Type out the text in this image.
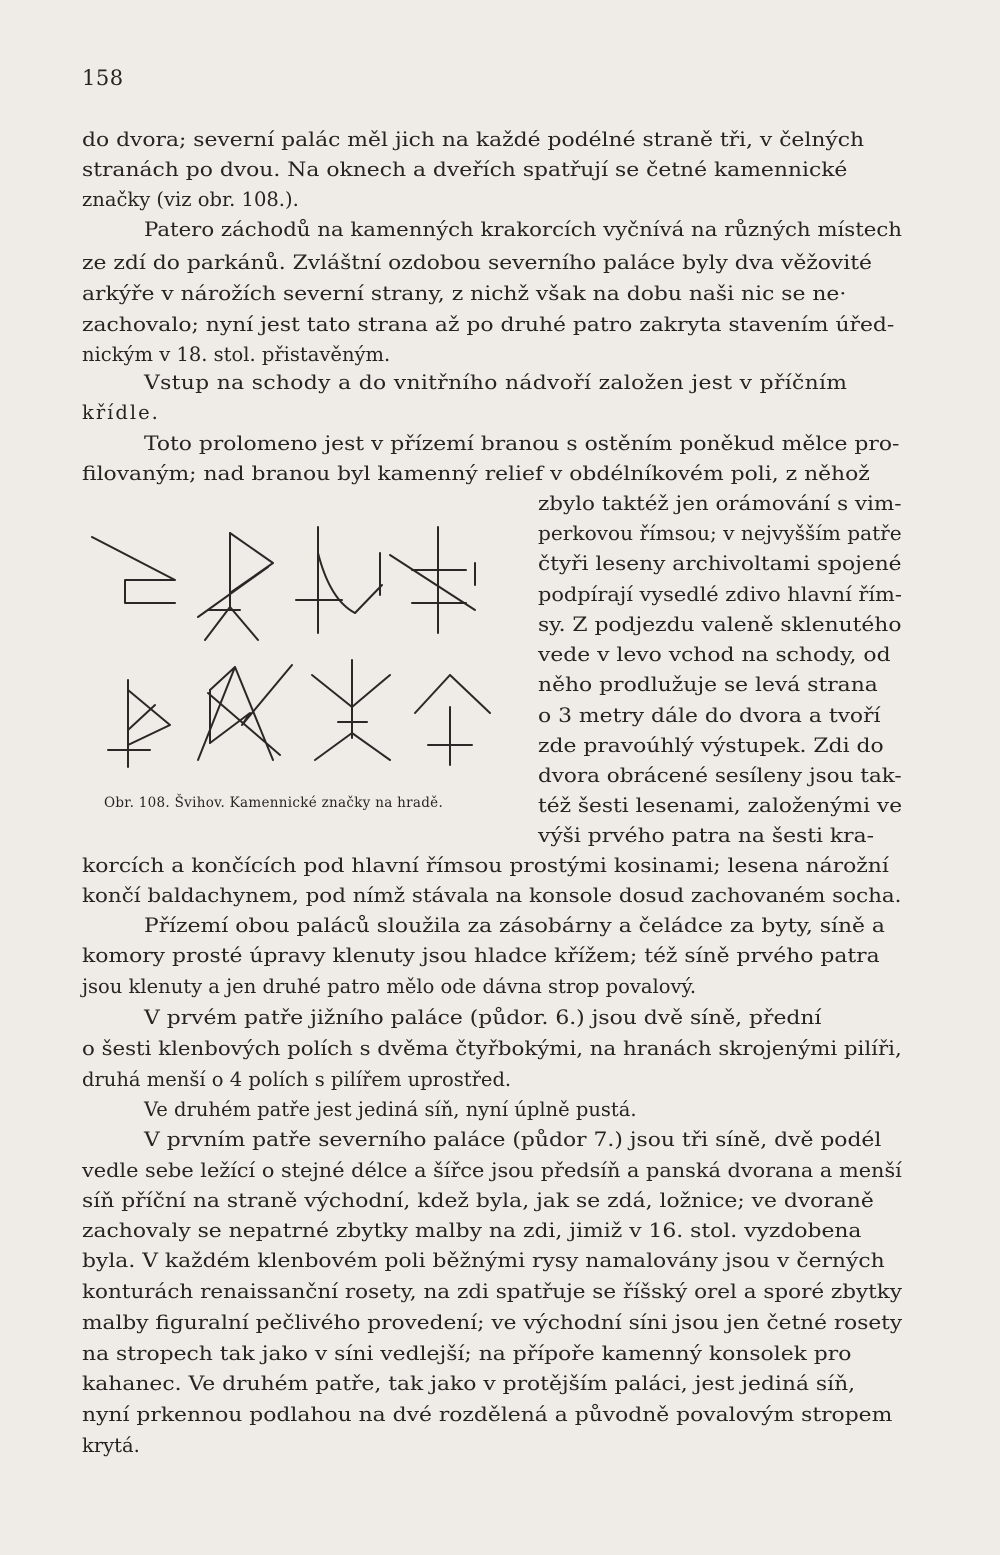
158
do dvora; severní palác měl jich na každé podélné straně tři, v čelných
stranách po dvou. Na oknech a dveřích spatřují se četné kamennické
značky (viz obr. 108.).
Patero záchodů na kamenných krakorcích vyčnívá na různých místech
ze zdí do parkánů. Zvláštní ozdobou severního paláce byly dva věžovité
arkýře v nárožích severní strany, z nichž však na dobu naši nic se ne·
zachovalo; nyní jest tato strana až po druhé patro zakryta stavením úřed-
nickým v 18. stol. přistavěným.
Vstup na schody a do vnitřního nádvoří založen jest v příčním
křídle.
Toto prolomeno jest v přízemí branou s ostěním poněkud mělce pro-
filovaným; nad branou byl kamenný relief v obdélníkovém poli, z něhož
zbylo taktéž jen orámování s vim-
perkovou římsou; v nejvyšším patře
čtyři leseny archivoltami spojené
podpírají vysedlé zdivo hlavní řím-
sy. Z podjezdu valeně sklenutého
vede v levo vchod na schody, od
něho prodlužuje se levá strana
o 3 metry dále do dvora a tvoří
zde pravoúhlý výstupek. Zdi do
dvora obrácené sesíleny jsou tak-
též šesti lesenami, založenými ve
výši prvého patra na šesti kra-
korcích a končících pod hlavní římsou prostými kosinami; lesena nárožní
končí baldachynem, pod nímž stávala na konsole dosud zachovaném socha.
Přízemí obou paláců sloužila za zásobárny a čeládce za byty, síně a
komory prosté úpravy klenuty jsou hladce křížem; též síně prvého patra
jsou klenuty a jen druhé patro mělo ode dávna strop povalový.
V prvém patře jižního paláce (půdor. 6.) jsou dvě síně, přední
o šesti klenbových polích s dvěma čtyřbokými, na hranách skrojenými pilíři,
druhá menší o 4 polích s pilířem uprostřed.
Ve druhém patře jest jediná síň, nyní úplně pustá.
V prvním patře severního paláce (půdor 7.) jsou tři síně, dvě podél
vedle sebe ležící o stejné délce a šířce jsou předsíň a panská dvorana a menší
síň příční na straně východní, kdež byla, jak se zdá, ložnice; ve dvoraně
zachovaly se nepatrné zbytky malby na zdi, jimiž v 16. stol. vyzdobena
byla. V každém klenbovém poli běžnými rysy namalovány jsou v černých
konturách renaissanční rosety, na zdi spatřuje se říšský orel a sporé zbytky
malby figuralní pečlivého provedení; ve východní síni jsou jen četné rosety
na stropech tak jako v síni vedlejší; na přípoře kamenný konsolek pro
kahanec. Ve druhém patře, tak jako v protějším paláci, jest jediná síň,
nyní prkennou podlahou na dvé rozdělená a původně povalovým stropem
krytá.
Obr. 108. Švihov. Kamennické značky na hradě.
